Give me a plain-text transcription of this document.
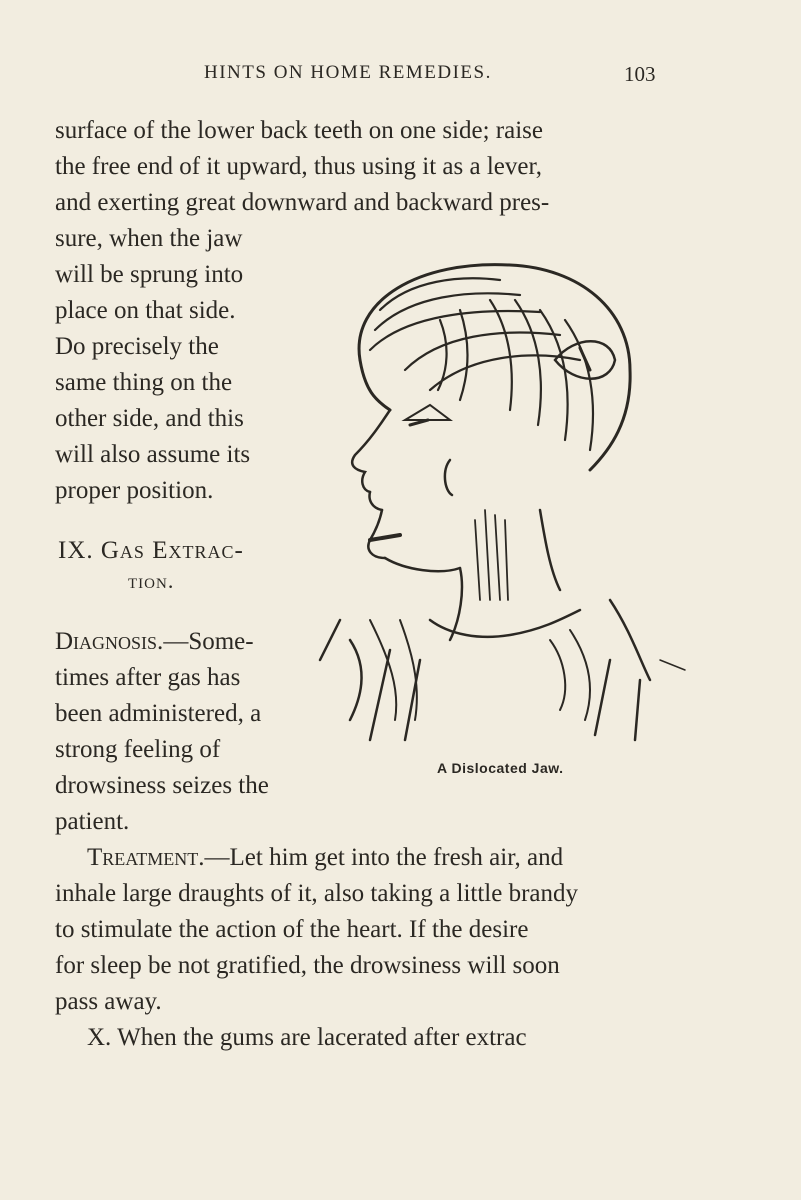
HINTS ON HOME REMEDIES.	103
surface of the lower back teeth on one side; raise
the free end of it upward, thus using it as a lever,
and exerting great downward and backward pres-
sure, when the jaw
will be sprung into
place on that side.
Do precisely the
same thing on the
other side, and this
will also assume its
proper position.
IX. Gas Extrac-
tion.
Diagnosis.—Some-
times after gas has
been administered, a
strong feeling of
drowsiness seizes the
patient.
Treatment.—Let him get into the fresh air, and
inhale large draughts of it, also taking a little brandy
to stimulate the action of the heart. If the desire
for sleep be not gratified, the drowsiness will soon
pass away.
X. When the gums are lacerated after extrac
A Dislocated Jaw.
